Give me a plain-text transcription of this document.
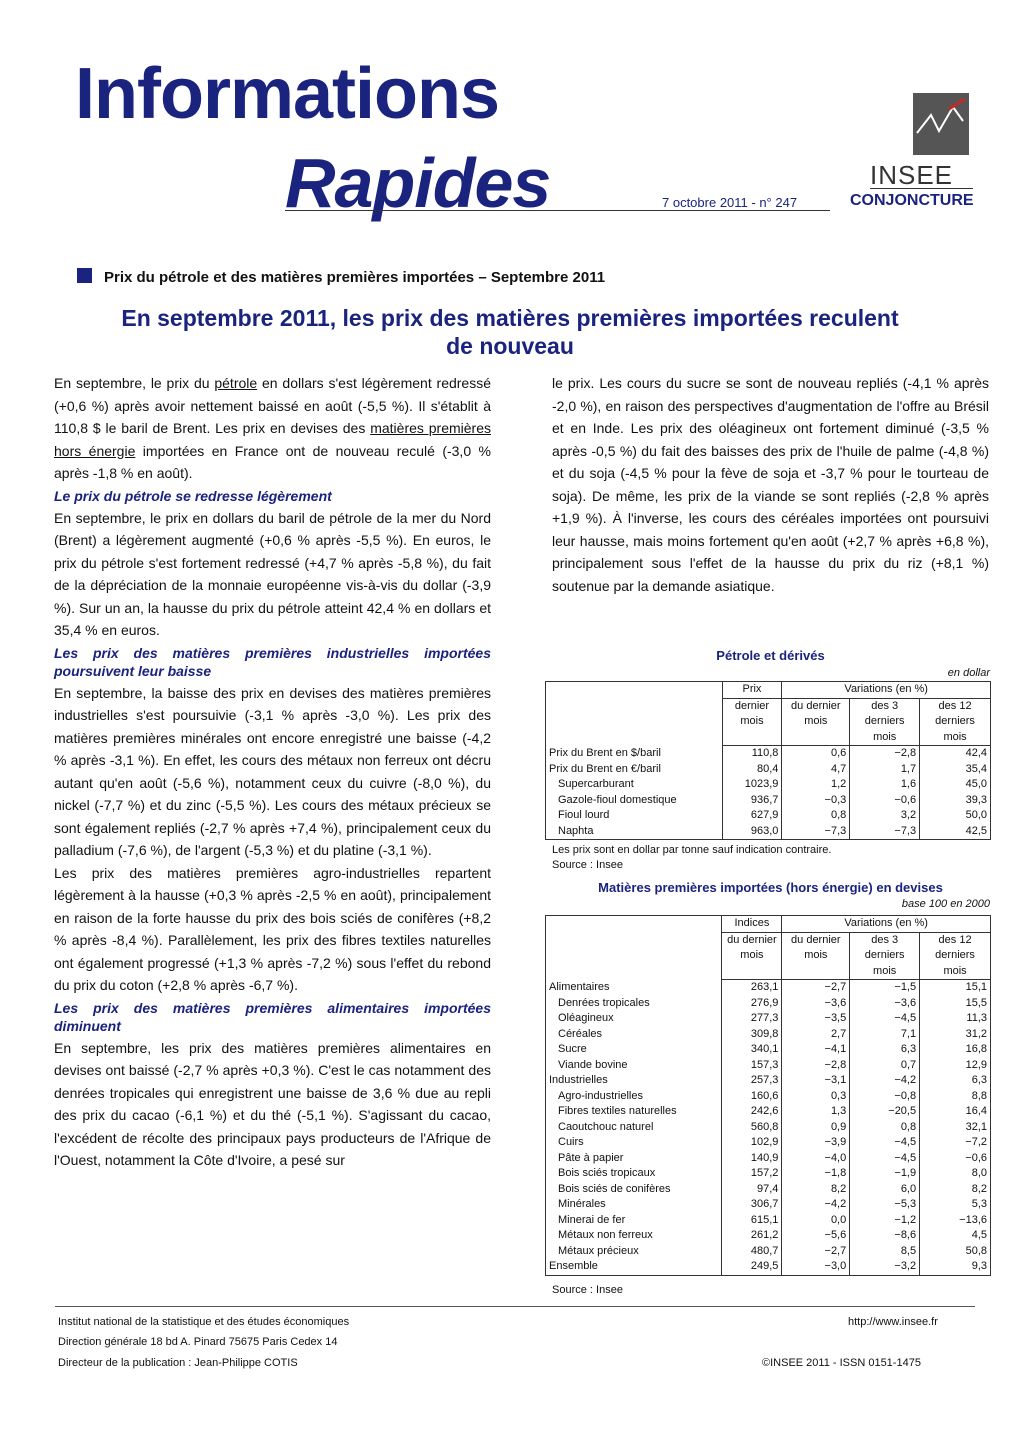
Informations
Rapides	7 octobre 2011 - n° 247
INSEE
CONJONCTURE
Prix du pétrole et des matières premières importées – Septembre 2011
En septembre 2011, les prix des matières premières importées reculent de nouveau

En septembre, le prix du pétrole en dollars s'est légèrement redressé (+0,6 %) après avoir nettement baissé en août (-5,5 %). Il s'établit à 110,8 $ le baril de Brent. Les prix en devises des matières premières hors énergie importées en France ont de nouveau reculé (-3,0 % après -1,8 % en août).

Le prix du pétrole se redresse légèrement

En septembre, le prix en dollars du baril de pétrole de la mer du Nord (Brent) a légèrement augmenté (+0,6 % après -5,5 %). En euros, le prix du pétrole s'est fortement redressé (+4,7 % après -5,8 %), du fait de la dépréciation de la monnaie européenne vis-à-vis du dollar (-3,9 %). Sur un an, la hausse du prix du pétrole atteint 42,4 % en dollars et 35,4 % en euros.

Les prix des matières premières industrielles importées poursuivent leur baisse

En septembre, la baisse des prix en devises des matières premières industrielles s'est poursuivie (-3,1 % après -3,0 %). Les prix des matières premières minérales ont encore enregistré une baisse (-4,2 % après -3,1 %). En effet, les cours des métaux non ferreux ont décru autant qu'en août (-5,6 %), notamment ceux du cuivre (-8,0 %), du nickel (-7,7 %) et du zinc (-5,5 %). Les cours des métaux précieux se sont également repliés (-2,7 % après +7,4 %), principalement ceux du palladium (-7,6 %), de l'argent (-5,3 %) et du platine (-3,1 %).

Les prix des matières premières agro-industrielles repartent légèrement à la hausse (+0,3 % après -2,5 % en août), principalement en raison de la forte hausse du prix des bois sciés de conifères (+8,2 % après -8,4 %). Parallèlement, les prix des fibres textiles naturelles ont également progressé (+1,3 % après -7,2 %) sous l'effet du rebond du prix du coton (+2,8 % après -6,7 %).

Les prix des matières premières alimentaires importées diminuent

En septembre, les prix des matières premières alimentaires en devises ont baissé (-2,7 % après +0,3 %). C'est le cas notamment des denrées tropicales qui enregistrent une baisse de 3,6 % due au repli des prix du cacao (-6,1 %) et du thé (-5,1 %). S'agissant du cacao, l'excédent de récolte des principaux pays producteurs de l'Afrique de l'Ouest, notamment la Côte d'Ivoire, a pesé sur

le prix. Les cours du sucre se sont de nouveau repliés (-4,1 % après -2,0 %), en raison des perspectives d'augmentation de l'offre au Brésil et en Inde. Les prix des oléagineux ont fortement diminué (-3,5 % après -0,5 %) du fait des baisses des prix de l'huile de palme (-4,8 %) et du soja (-4,5 % pour la fève de soja et -3,7 % pour le tourteau de soja). De même, les prix de la viande se sont repliés (-2,8 % après +1,9 %). À l'inverse, les cours des céréales importées ont poursuivi leur hausse, mais moins fortement qu'en août (+2,7 % après +6,8 %), principalement sous l'effet de la hausse du prix du riz (+8,1 %) soutenue par la demande asiatique.

Pétrole et dérivés
en dollar
	Prix	Variations (en %)		
	dernier mois	du dernier mois	des 3 derniers mois	des 12 derniers mois
Prix du Brent en $/baril	110,8	0,6	−2,8	42,4
Prix du Brent en €/baril	80,4	4,7	1,7	35,4
Supercarburant	1023,9	1,2	1,6	45,0
Gazole-fioul domestique	936,7	−0,3	−0,6	39,3
Fioul lourd	627,9	0,8	3,2	50,0
Naphta	963,0	−7,3	−7,3	42,5
Les prix sont en dollar par tonne sauf indication contraire.
Source : Insee
Matières premières importées (hors énergie) en devises
base 100 en 2000
	Indices	Variations (en %)		
	du dernier mois	du dernier mois	des 3 derniers mois	des 12 derniers mois
Alimentaires	263,1	−2,7	−1,5	15,1
Denrées tropicales	276,9	−3,6	−3,6	15,5
Oléagineux	277,3	−3,5	−4,5	11,3
Céréales	309,8	2,7	7,1	31,2
Sucre	340,1	−4,1	6,3	16,8
Viande bovine	157,3	−2,8	0,7	12,9
Industrielles	257,3	−3,1	−4,2	6,3
Agro-industrielles	160,6	0,3	−0,8	8,8
Fibres textiles naturelles	242,6	1,3	−20,5	16,4
Caoutchouc naturel	560,8	0,9	0,8	32,1
Cuirs	102,9	−3,9	−4,5	−7,2
Pâte à papier	140,9	−4,0	−4,5	−0,6
Bois sciés tropicaux	157,2	−1,8	−1,9	8,0
Bois sciés de conifères	97,4	8,2	6,0	8,2
Minérales	306,7	−4,2	−5,3	5,3
Minerai de fer	615,1	0,0	−1,2	−13,6
Métaux non ferreux	261,2	−5,6	−8,6	4,5
Métaux précieux	480,7	−2,7	8,5	50,8
Ensemble	249,5	−3,0	−3,2	9,3
Source : Insee
Institut national de la statistique et des études économiques
Direction générale 18 bd A. Pinard 75675 Paris Cedex 14
Directeur de la publication : Jean-Philippe COTIS
http://www.insee.fr
©INSEE 2011 - ISSN 0151-1475
